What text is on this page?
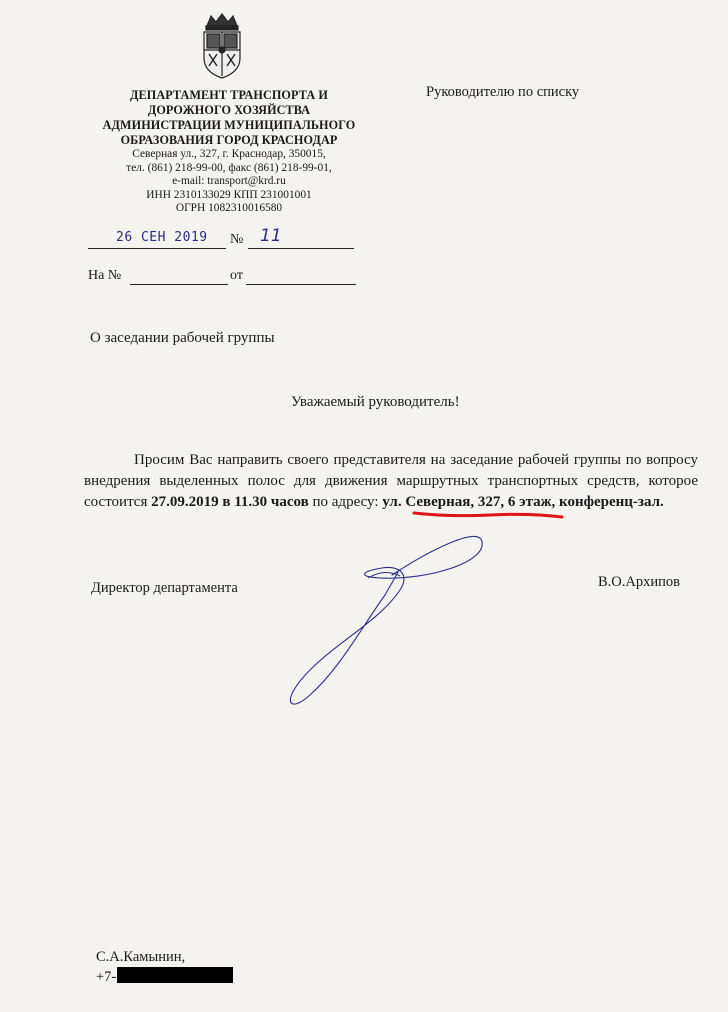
ДЕПАРТАМЕНТ ТРАНСПОРТА И
ДОРОЖНОГО ХОЗЯЙСТВА
АДМИНИСТРАЦИИ МУНИЦИПАЛЬНОГО
ОБРАЗОВАНИЯ ГОРОД КРАСНОДАР
Северная ул., 327, г. Краснодар, 350015,
тел. (861) 218-99-00, факс (861) 218-99-01,
e-mail: transport@krd.ru
ИНН 2310133029 КПП 231001001
ОГРН 1082310016580
Руководителю по списку
26 СЕН 2019 № 11
На №	от
О заседании рабочей группы
Уважаемый руководитель!

Просим Вас направить своего представителя на заседание рабочей группы по вопросу внедрения выделенных полос для движения маршрутных транспортных средств, которое состоится 27.09.2019 в 11.30 часов по адресу: ул. Северная, 327, 6 этаж, конференц-зал.

Директор департамента	В.О.Архипов
С.А.Камынин,
+7-
